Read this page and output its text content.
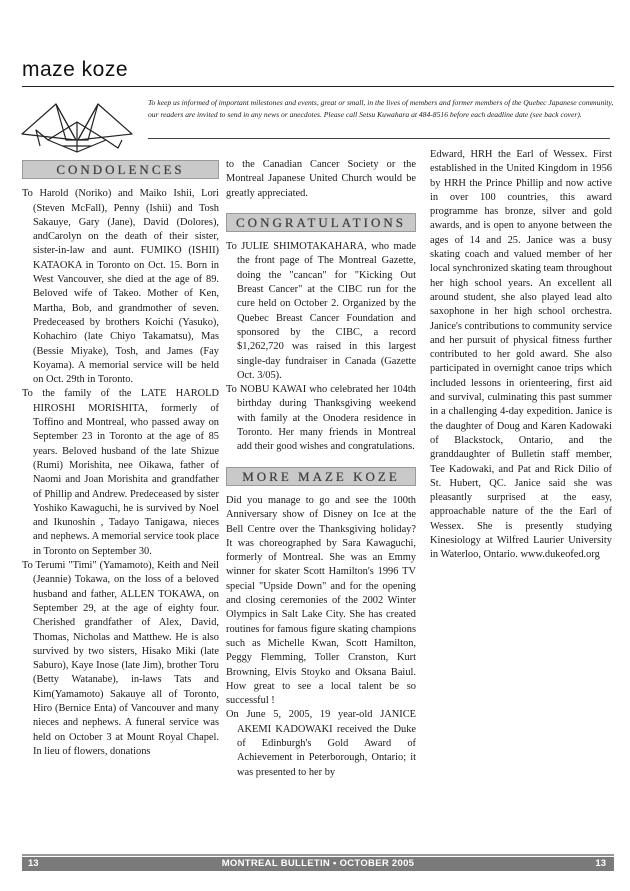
maze koze
To keep us informed of important milestones and events, great or small, in the lives of members and former members of the Quebec Japanese community, our readers are invited to send in any news or anecdotes. Please call Setsu Kuwahara at 484-8516 before each deadline date (see back cover).
CONDOLENCES

To Harold (Noriko) and Maiko Ishii, Lori (Steven McFall), Penny (Ishii) and Tosh Sakauye, Gary (Jane), David (Dolores), andCarolyn on the death of their sister, sister-in-law and aunt. FUMIKO (ISHII) KATAOKA in Toronto on Oct. 15. Born in West Vancouver, she died at the age of 89. Beloved wife of Takeo. Mother of Ken, Martha, Bob, and grandmother of seven. Predeceased by brothers Koichi (Yasuko), Kohachiro (late Chiyo Takamatsu), Mas (Bessie Miyake), Tosh, and James (Fay Koyama). A memorial service will be held on Oct. 29th in Toronto.

To the family of the LATE HAROLD HIROSHI MORISHITA, formerly of Toffino and Montreal, who passed away on September 23 in Toronto at the age of 85 years. Beloved husband of the late Shizue (Rumi) Morishita, nee Oikawa, father of Naomi and Joan Morishita and grandfather of Phillip and Andrew. Predeceased by sister Yoshiko Kawaguchi, he is survived by Noel and Ikunoshin , Tadayo Tanigawa, nieces and nephews. A memorial service took place in Toronto on September 30.

To Terumi "Timi" (Yamamoto), Keith and Neil (Jeannie) Tokawa, on the loss of a beloved husband and father, ALLEN TOKAWA, on September 29, at the age of eighty four. Cherished grandfather of Alex, David, Thomas, Nicholas and Matthew. He is also survived by two sisters, Hisako Miki (late Saburo), Kaye Inose (late Jim), brother Toru (Betty Watanabe), in-laws Tats and Kim(Yamamoto) Sakauye all of Toronto, Hiro (Bernice Enta) of Vancouver and many nieces and nephews. A funeral service was held on October 3 at Mount Royal Chapel. In lieu of flowers, donations

to the Canadian Cancer Society or the Montreal Japanese United Church would be greatly appreciated.

CONGRATULATIONS

To JULIE SHIMOTAKAHARA, who made the front page of The Montreal Gazette, doing the "cancan" for "Kicking Out Breast Cancer" at the CIBC run for the cure held on October 2. Organized by the Quebec Breast Cancer Foundation and sponsored by the CIBC, a record $1,262,720 was raised in this largest single-day fundraiser in Canada (Gazette Oct. 3/05).

To NOBU KAWAI who celebrated her 104th birthday during Thanksgiving weekend with family at the Onodera residence in Toronto. Her many friends in Montreal add their good wishes and congratulations.

MORE MAZE KOZE

Did you manage to go and see the 100th Anniversary show of Disney on Ice at the Bell Centre over the Thanksgiving holiday? It was choreographed by Sara Kawaguchi, formerly of Montreal. She was an Emmy winner for skater Scott Hamilton's 1996 TV special "Upside Down" and for the opening and closing ceremonies of the 2002 Winter Olympics in Salt Lake City. She has created routines for famous figure skating champions such as Michelle Kwan, Scott Hamilton, Peggy Flemming, Toller Cranston, Kurt Browning, Elvis Stoyko and Oksana Baiul. How great to see a local talent be so successful !

On June 5, 2005, 19 year-old JANICE AKEMI KADOWAKI received the Duke of Edinburgh's Gold Award of Achievement in Peterborough, Ontario; it was presented to her by

Edward, HRH the Earl of Wessex. First established in the United Kingdom in 1956 by HRH the Prince Phillip and now active in over 100 countries, this award programme has bronze, silver and gold awards, and is open to anyone between the ages of 14 and 25. Janice was a busy skating coach and valued member of her local synchronized skating team throughout her high school years. An excellent all around student, she also played lead alto saxophone in her high school orchestra. Janice's contributions to community service and her pursuit of physical fitness further contributed to her gold award. She also participated in overnight canoe trips which included lessons in orienteering, first aid and survival, culminating this past summer in a challenging 4-day expedition. Janice is the daughter of Doug and Karen Kadowaki of Blackstock, Ontario, and the granddaughter of Bulletin staff member, Tee Kadowaki, and Pat and Rick Dilio of St. Hubert, QC. Janice said she was pleasantly surprised at the easy, approachable nature of the the Earl of Wessex. She is presently studying Kinesiology at Wilfred Laurier University in Waterloo, Ontario. www.dukeofed.org

13	MONTREAL BULLETIN • OCTOBER 2005	13
